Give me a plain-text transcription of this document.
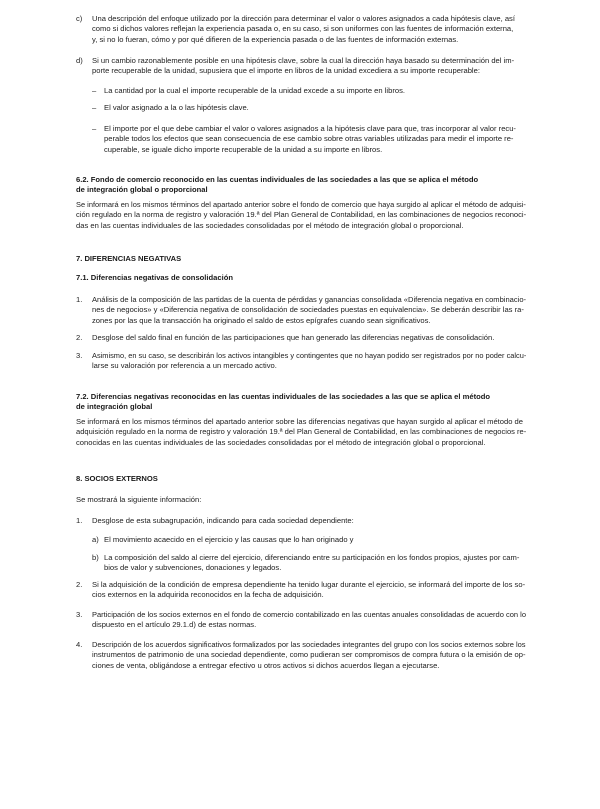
c) Una descripción del enfoque utilizado por la dirección para determinar el valor o valores asignados a cada hipótesis clave, así
como si dichos valores reflejan la experiencia pasada o, en su caso, si son uniformes con las fuentes de información externa,
y, si no lo fueran, cómo y por qué difieren de la experiencia pasada o de las fuentes de información externas.
d) Si un cambio razonablemente posible en una hipótesis clave, sobre la cual la dirección haya basado su determinación del im-
porte recuperable de la unidad, supusiera que el importe en libros de la unidad excediera a su importe recuperable:
– La cantidad por la cual el importe recuperable de la unidad excede a su importe en libros.
– El valor asignado a la o las hipótesis clave.
– El importe por el que debe cambiar el valor o valores asignados a la hipótesis clave para que, tras incorporar al valor recu-
perable todos los efectos que sean consecuencia de ese cambio sobre otras variables utilizadas para medir el importe re-
cuperable, se iguale dicho importe recuperable de la unidad a su importe en libros.
6.2. Fondo de comercio reconocido en las cuentas individuales de las sociedades a las que se aplica el método
de integración global o proporcional
Se informará en los mismos términos del apartado anterior sobre el fondo de comercio que haya surgido al aplicar el método de adquisi-
ción regulado en la norma de registro y valoración 19.ª del Plan General de Contabilidad, en las combinaciones de negocios reconoci-
das en las cuentas individuales de las sociedades consolidadas por el método de integración global o proporcional.
7. DIFERENCIAS NEGATIVAS
7.1. Diferencias negativas de consolidación
1. Análisis de la composición de las partidas de la cuenta de pérdidas y ganancias consolidada «Diferencia negativa en combinacio-
nes de negocios» y «Diferencia negativa de consolidación de sociedades puestas en equivalencia». Se deberán describir las ra-
zones por las que la transacción ha originado el saldo de estos epígrafes cuando sean significativos.
2. Desglose del saldo final en función de las participaciones que han generado las diferencias negativas de consolidación.
3. Asimismo, en su caso, se describirán los activos intangibles y contingentes que no hayan podido ser registrados por no poder calcu-
larse su valoración por referencia a un mercado activo.
7.2. Diferencias negativas reconocidas en las cuentas individuales de las sociedades a las que se aplica el método
de integración global
Se informará en los mismos términos del apartado anterior sobre las diferencias negativas que hayan surgido al aplicar el método de
adquisición regulado en la norma de registro y valoración 19.ª del Plan General de Contabilidad, en las combinaciones de negocios re-
conocidas en las cuentas individuales de las sociedades consolidadas por el método de integración global o proporcional.
8. SOCIOS EXTERNOS
Se mostrará la siguiente información:
1. Desglose de esta subagrupación, indicando para cada sociedad dependiente:
a) El movimiento acaecido en el ejercicio y las causas que lo han originado y
b) La composición del saldo al cierre del ejercicio, diferenciando entre su participación en los fondos propios, ajustes por cam-
bios de valor y subvenciones, donaciones y legados.
2. Si la adquisición de la condición de empresa dependiente ha tenido lugar durante el ejercicio, se informará del importe de los so-
cios externos en la adquirida reconocidos en la fecha de adquisición.
3. Participación de los socios externos en el fondo de comercio contabilizado en las cuentas anuales consolidadas de acuerdo con lo
dispuesto en el artículo 29.1.d) de estas normas.
4. Descripción de los acuerdos significativos formalizados por las sociedades integrantes del grupo con los socios externos sobre los
instrumentos de patrimonio de una sociedad dependiente, como pudieran ser compromisos de compra futura o la emisión de op-
ciones de venta, obligándose a entregar efectivo u otros activos si dichos acuerdos llegan a ejecutarse.
